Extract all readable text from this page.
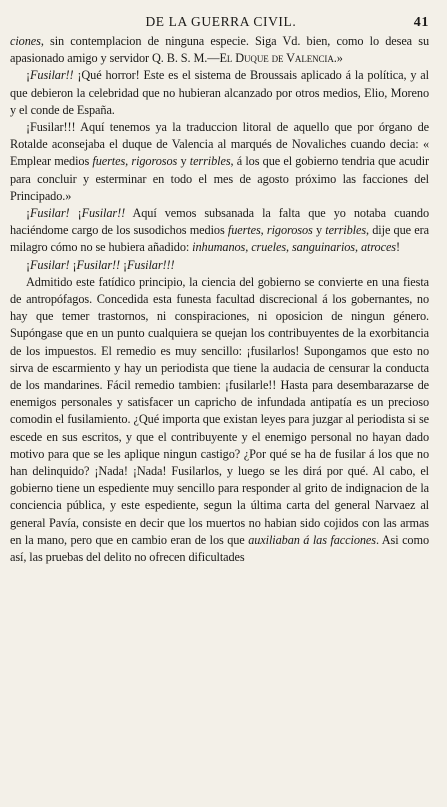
DE LA GUERRA CIVIL.	41

ciones, sin contemplacion de ninguna especie. Siga Vd. bien, como lo desea su apasionado amigo y servidor Q. B. S. M.—El Duque de Valencia.»

¡Fusilar!! ¡Qué horror! Este es el sistema de Broussais aplicado á la política, y al que debieron la celebridad que no hubieran alcanzado por otros medios, Elio, Moreno y el conde de España.

¡Fusilar!!! Aquí tenemos ya la traduccion litoral de aquello que por órgano de Rotalde aconsejaba el duque de Valencia al marqués de Novaliches cuando decia: « Emplear medios fuertes, rigorosos y terribles, á los que el gobierno tendria que acudir para concluir y esterminar en todo el mes de agosto próximo las facciones del Principado.»

¡Fusilar! ¡Fusilar!! Aquí vemos subsanada la falta que yo notaba cuando haciéndome cargo de los susodichos medios fuertes, rigorosos y terribles, dije que era milagro cómo no se hubiera añadido: inhumanos, crueles, sanguinarios, atroces!

¡Fusilar! ¡Fusilar!! ¡Fusilar!!!

Admitido este fatídico principio, la ciencia del gobierno se convierte en una fiesta de antropófagos. Concedida esta funesta facultad discrecional á los gobernantes, no hay que temer trastornos, ni conspiraciones, ni oposicion de ningun género. Supóngase que en un punto cualquiera se quejan los contribuyentes de la exorbitancia de los impuestos. El remedio es muy sencillo: ¡fusilarlos! Supongamos que esto no sirva de escarmiento y hay un periodista que tiene la audacia de censurar la conducta de los mandarines. Fácil remedio tambien: ¡fusilarle!! Hasta para desembarazarse de enemigos personales y satisfacer un capricho de infundada antipatía es un precioso comodin el fusilamiento. ¿Qué importa que existan leyes para juzgar al periodista si se escede en sus escritos, y que el contribuyente y el enemigo personal no hayan dado motivo para que se les aplique ningun castigo? ¿Por qué se ha de fusilar á los que no han delinquido? ¡Nada! ¡Nada! Fusilarlos, y luego se les dirá por qué. Al cabo, el gobierno tiene un espediente muy sencillo para responder al grito de indignacion de la conciencia pública, y este espediente, segun la última carta del general Narvaez al general Pavía, consiste en decir que los muertos no habian sido cojidos con las armas en la mano, pero que en cambio eran de los que auxiliaban á las facciones. Asi como así, las pruebas del delito no ofrecen dificultades
